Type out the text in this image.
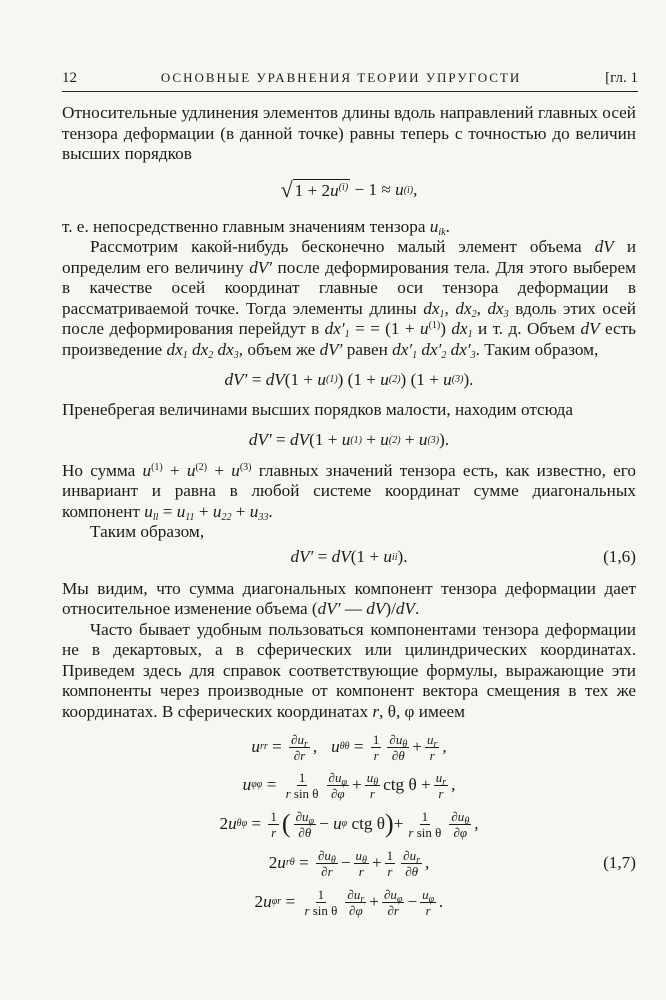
12	ОСНОВНЫЕ УРАВНЕНИЯ ТЕОРИИ УПРУГОСТИ	[гл. 1

Относительные удлинения элементов длины вдоль направлений главных осей тензора деформации (в данной точке) равны теперь с точностью до величин высших порядков

√ $1 + 2u^{(i)}$
− 1 ≈ u (i) ,

т. е. непосредственно главным значениям тензора $u_{ik}$.

Рассмотрим какой-нибудь бесконечно малый элемент объема dV и определим его величину dV′ после деформирования тела. Для этого выберем в качестве осей координат главные оси тензора деформации в рассматриваемой точке. Тогда элементы длины $dx_1$, $dx_2$, $dx_3$ вдоль этих осей после деформирования перейдут в $dx'_1$ = = $(1 + u^{(1)})$ $dx_1$ и т. д. Объем dV есть произведение $dx_1$ $dx_2$ $dx_3$, объем же dV′ равен $dx'_1$ $dx'_2$ $dx'_3$. Таким образом,

dV′ = dV (1 + u (1) ) (1 + u (2) ) (1 + u (3) ).

Пренебрегая величинами высших порядков малости, находим отсюда

dV′ = dV (1 + u (1) + u (2) + u (3) ).

Но сумма $u^{(1)} + u^{(2)} + u^{(3)}$ главных значений тензора есть, как известно, его инвариант и равна в любой системе координат сумме диагональных компонент $u_{ll} = u_{11} + u_{22} + u_{33}$.

Таким образом,

dV′ = dV (1 + u ii ).	(1,6)

Мы видим, что сумма диагональных компонент тензора деформации дает относительное изменение объема (dV′ — dV)/dV.

Часто бывает удобным пользоваться компонентами тензора деформации не в декартовых, а в сферических или цилиндрических координатах. Приведем здесь для справок соответствующие формулы, выражающие эти компоненты через производные от компонент вектора смещения в тех же координатах. В сферических координатах r, θ, φ имеем

u rr = $\frac{\partial u_r}{\partial r}$ ,
u $\theta\theta = \frac{1}{r} \frac{\partial u_\theta}{\partial\theta} + \frac{u_r}{r}$ ,
u $\varphi\varphi = \frac{1}{\text{r sin θ}} \frac{\partial u_\varphi}{\partial\varphi} + \frac{u_\theta}{r}$ ctg $\theta + \frac{u_r}{r}$ ,
2 u $\theta\varphi = \frac{1}{r}$ ( $\frac{\partial u_\varphi}{\partial\theta} - u$ φ ctg θ ) + $\frac{1}{\text{r sin θ}} \frac{\partial u_\theta}{\partial\varphi}$ ,
2 u $r\theta = \frac{\partial u_\theta}{\partial r} - \frac{u_\theta}{r} + \frac{1}{r} \frac{\partial u_r}{\partial\theta}$ ,	(1,7)
2 u $\varphi r = \frac{1}{\text{r sin θ}} \frac{\partial u_r}{\partial\varphi} + \frac{\partial u_\varphi}{\partial r} - \frac{u_\varphi}{r}$ .
